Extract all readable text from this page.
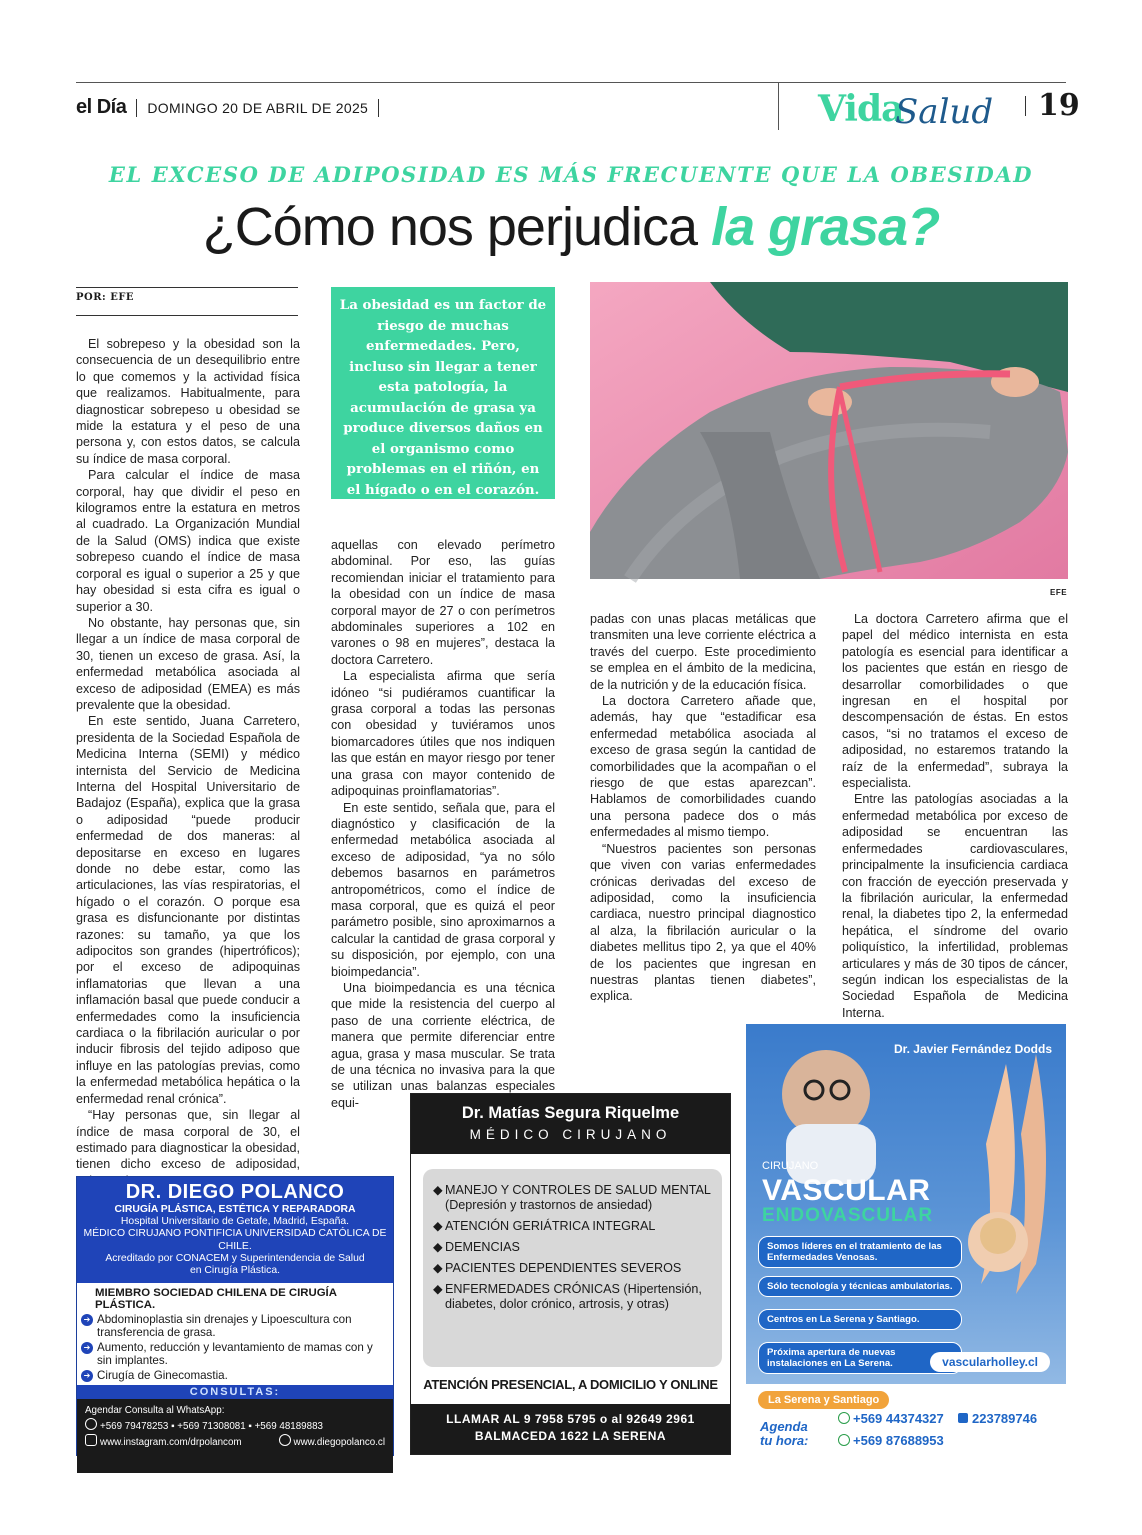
el Día DOMINGO 20 DE ABRIL DE 2025	Vida
Salud 19
EL EXCESO DE ADIPOSIDAD ES MÁS FRECUENTE QUE LA OBESIDAD
¿Cómo nos perjudica la grasa?
POR: EFE

El sobrepeso y la obesidad son la consecuencia de un desequilibrio entre lo que comemos y la actividad física que realizamos. Habitualmente, para diagnosticar sobrepeso u obesidad se mide la estatura y el peso de una persona y, con estos datos, se calcula su índice de masa corporal.

Para calcular el índice de masa corporal, hay que dividir el peso en kilogramos entre la estatura en metros al cuadrado. La Organización Mundial de la Salud (OMS) indica que existe sobrepeso cuando el índice de masa corporal es igual o superior a 25 y que hay obesidad si esta cifra es igual o superior a 30.

No obstante, hay personas que, sin llegar a un índice de masa corporal de 30, tienen un exceso de grasa. Así, la enfermedad metabólica asociada al exceso de adiposidad (EMEA) es más prevalente que la obesidad.

En este sentido, Juana Carretero, presidenta de la Sociedad Española de Medicina Interna (SEMI) y médico internista del Servicio de Medicina Interna del Hospital Universitario de Badajoz (España), explica que la grasa o adiposidad “puede producir enfermedad de dos maneras: al depositarse en exceso en lugares donde no debe estar, como las articulaciones, las vías respiratorias, el hígado o el corazón. O porque esa grasa es disfuncionante por distintas razones: su tamaño, ya que los adipocitos son grandes (hipertróficos); por el exceso de adipoquinas inflamatorias que llevan a una inflamación basal que puede conducir a enfermedades como la insuficiencia cardiaca o la fibrilación auricular o por inducir fibrosis del tejido adiposo que influye en las patologías previas, como la enfermedad metabólica hepática o la enfermedad renal crónica”.

“Hay personas que, sin llegar al índice de masa corporal de 30, el estimado para diagnosticar la obesidad, tienen dicho exceso de adiposidad,

La obesidad es un factor de riesgo de muchas enfermedades. Pero, incluso sin llegar a tener esta patología, la acumulación de grasa ya produce diversos daños en el organismo como problemas en el riñón, en el hígado o en el corazón.

aquellas con elevado perímetro abdominal. Por eso, las guías recomiendan iniciar el tratamiento para la obesidad con un índice de masa corporal mayor de 27 o con perímetros abdominales superiores a 102 en varones o 98 en mujeres”, destaca la doctora Carretero.

La especialista afirma que sería idóneo “si pudiéramos cuantificar la grasa corporal a todas las personas con obesidad y tuviéramos unos biomarcadores útiles que nos indiquen las que están en mayor riesgo por tener una grasa con mayor contenido de adipoquinas proinflamatorias”.

En este sentido, señala que, para el diagnóstico y clasificación de la enfermedad metabólica asociada al exceso de adiposidad, “ya no sólo debemos basarnos en parámetros antropométricos, como el índice de masa corporal, que es quizá el peor parámetro posible, sino aproximarnos a calcular la cantidad de grasa corporal y su disposición, por ejemplo, con una bioimpedancia”.

Una bioimpedancia es una técnica que mide la resistencia del cuerpo al paso de una corriente eléctrica, de manera que permite diferenciar entre agua, grasa y masa muscular. Se trata de una técnica no invasiva para la que se utilizan unas balanzas especiales equi-

EFE

padas con unas placas metálicas que transmiten una leve corriente eléctrica a través del cuerpo. Este procedimiento se emplea en el ámbito de la medicina, de la nutrición y de la educación física.

La doctora Carretero añade que, además, hay que “estadificar esa enfermedad metabólica asociada al exceso de grasa según la cantidad de comorbilidades que la acompañan o el riesgo de que estas aparezcan”. Hablamos de comorbilidades cuando una persona padece dos o más enfermedades al mismo tiempo.

“Nuestros pacientes son personas que viven con varias enfermedades crónicas derivadas del exceso de adiposidad, como la insuficiencia cardiaca, nuestro principal diagnostico al alza, la fibrilación auricular o la diabetes mellitus tipo 2, ya que el 40% de los pacientes que ingresan en nuestras plantas tienen diabetes”, explica.

La doctora Carretero afirma que el papel del médico internista en esta patología es esencial para identificar a los pacientes que están en riesgo de desarrollar comorbilidades o que ingresan en el hospital por descompensación de éstas. En estos casos, “si no tratamos el exceso de adiposidad, no estaremos tratando la raíz de la enfermedad”, subraya la especialista.

Entre las patologías asociadas a la enfermedad metabólica por exceso de adiposidad se encuentran las enfermedades cardiovasculares, principalmente la insuficiencia cardiaca con fracción de eyección preservada y la fibrilación auricular, la enfermedad renal, la diabetes tipo 2, la enfermedad hepática, el síndrome del ovario poliquístico, la infertilidad, problemas articulares y más de 30 tipos de cáncer, según indican los especialistas de la Sociedad Española de Medicina Interna.

DR. DIEGO POLANCO
CIRUGÍA PLÁSTICA, ESTÉTICA Y REPARADORA
Hospital Universitario de Getafe, Madrid, España.
MÉDICO CIRUJANO PONTIFICIA UNIVERSIDAD CATÓLICA DE CHILE.
Acreditado por CONACEM y Superintendencia de Salud
en Cirugía Plástica.
MIEMBRO SOCIEDAD CHILENA DE CIRUGÍA PLÁSTICA.
➔ Abdominoplastia sin drenajes y Lipoescultura con transferencia de grasa.
➔ Aumento, reducción y levantamiento de mamas con y sin implantes.
➔ Cirugía de Ginecomastia.
CONSULTAS:
Agendar Consulta al WhatsApp:
+569 79478253 ▪ +569 71308081 ▪ +569 48189883
www.instagram.com/drpolancom	www.diegopolanco.cl
Dr. Matías Segura Riquelme
MÉDICO CIRUJANO
◆ MANEJO Y CONTROLES DE SALUD MENTAL (Depresión y trastornos de ansiedad)
◆ ATENCIÓN GERIÁTRICA INTEGRAL
◆ DEMENCIAS
◆ PACIENTES DEPENDIENTES SEVEROS
◆ ENFERMEDADES CRÓNICAS (Hipertensión, diabetes, dolor crónico, artrosis, y otras)
ATENCIÓN PRESENCIAL, A DOMICILIO Y ONLINE
LLAMAR AL 9 7958 5795 o al 92649 2961
BALMACEDA 1622 LA SERENA
Dr. Javier Fernández Dodds
CIRUJANO
VASCULAR
ENDOVASCULAR
Somos líderes en el tratamiento de las Enfermedades Venosas.
Sólo tecnología y técnicas ambulatorias.
Centros en La Serena y Santiago.
Próxima apertura de nuevas instalaciones en La Serena.	vascularholley.cl
La Serena y Santiago
Agenda
tu hora:
+569 44374327	223789746
+569 87688953
